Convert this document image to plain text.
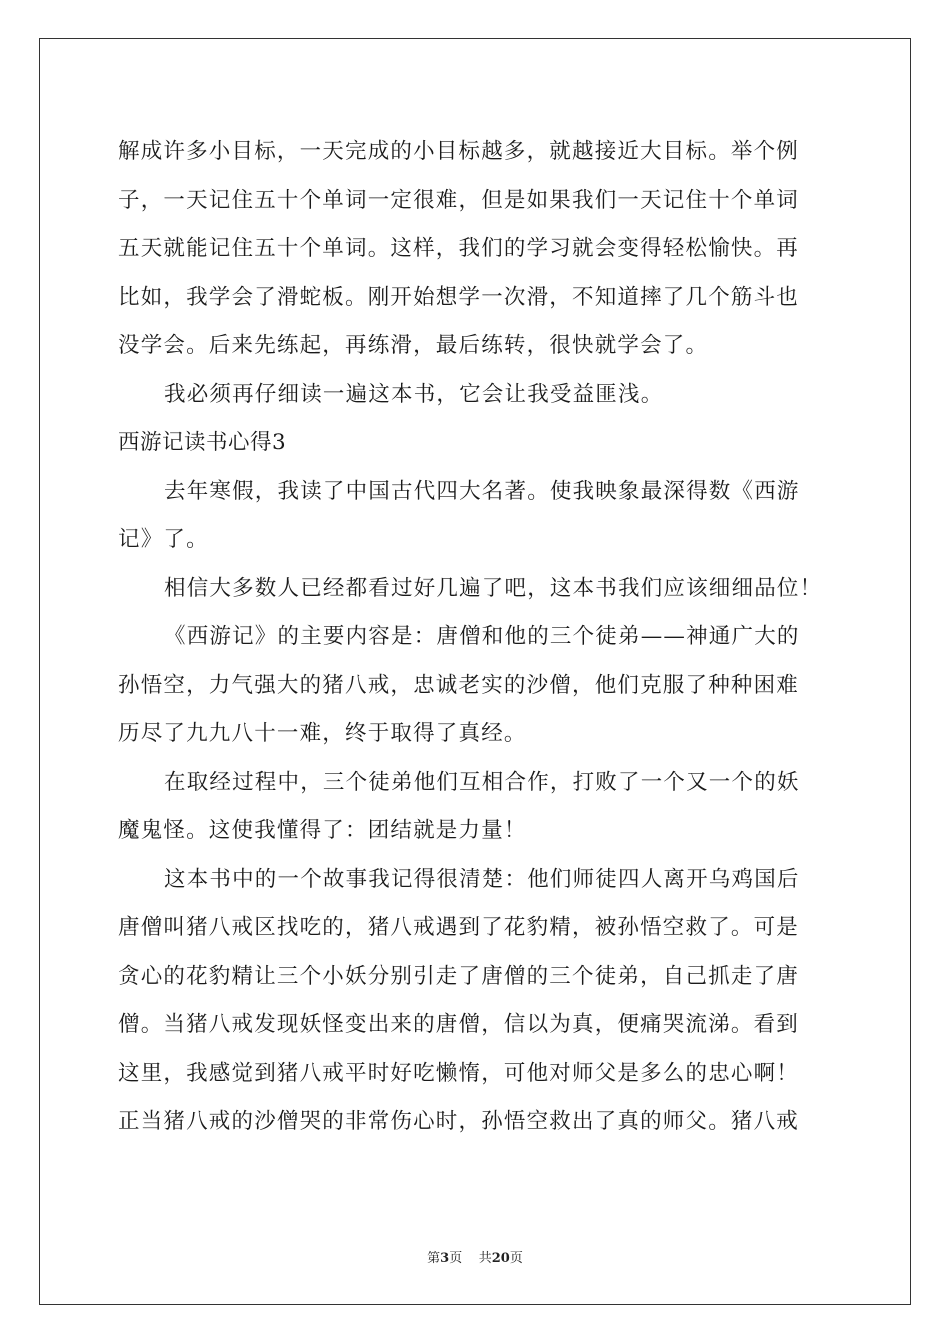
解成许多小目标，一天完成的小目标越多，就越接近大目标。举个例
子，一天记住五十个单词一定很难，但是如果我们一天记住十个单词
五天就能记住五十个单词。这样，我们的学习就会变得轻松愉快。再
比如，我学会了滑蛇板。刚开始想学一次滑，不知道摔了几个筋斗也
没学会。后来先练起，再练滑，最后练转，很快就学会了。
我必须再仔细读一遍这本书，它会让我受益匪浅。
西游记读书心得3
去年寒假，我读了中国古代四大名著。使我映象最深得数《西游
记》了。
相信大多数人已经都看过好几遍了吧，这本书我们应该细细品位！
《西游记》的主要内容是：唐僧和他的三个徒弟——神通广大的
孙悟空，力气强大的猪八戒，忠诚老实的沙僧，他们克服了种种困难
历尽了九九八十一难，终于取得了真经。
在取经过程中，三个徒弟他们互相合作，打败了一个又一个的妖
魔鬼怪。这使我懂得了：团结就是力量！
这本书中的一个故事我记得很清楚：他们师徒四人离开乌鸡国后
唐僧叫猪八戒区找吃的，猪八戒遇到了花豹精，被孙悟空救了。可是
贪心的花豹精让三个小妖分别引走了唐僧的三个徒弟，自己抓走了唐
僧。当猪八戒发现妖怪变出来的唐僧，信以为真，便痛哭流涕。看到
这里，我感觉到猪八戒平时好吃懒惰，可他对师父是多么的忠心啊！
正当猪八戒的沙僧哭的非常伤心时，孙悟空救出了真的师父。猪八戒
第3页 共20页
